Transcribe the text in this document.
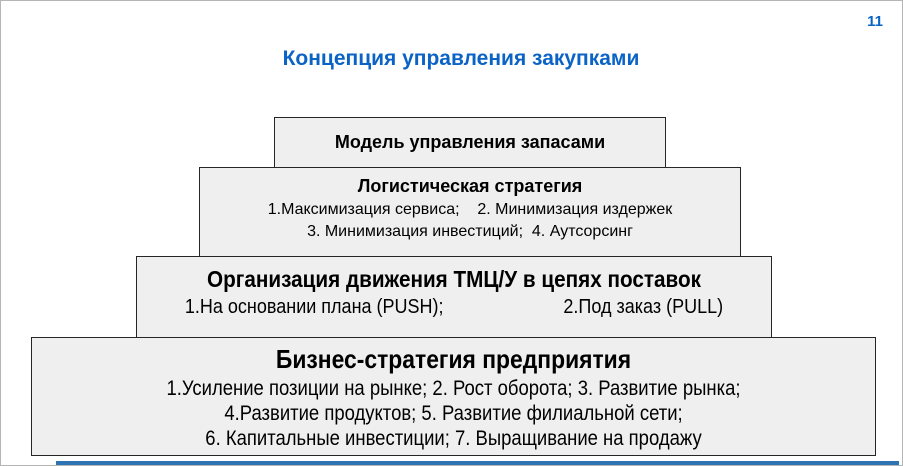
11
Концепция управления закупками
Модель управления запасами
Логистическая стратегия
1.Максимизация сервиса;    2. Минимизация издержек
3. Минимизация инвестиций;  4. Аутсорсинг
Организация движения ТМЦ/У в цепях поставок
1.На основании плана (PUSH);	2.Под заказ (PULL)
Бизнес-стратегия предприятия
1.Усиление позиции на рынке; 2. Рост оборота; 3. Развитие рынка;
4.Развитие продуктов; 5. Развитие филиальной сети;
6. Капитальные инвестиции; 7. Выращивание на продажу
